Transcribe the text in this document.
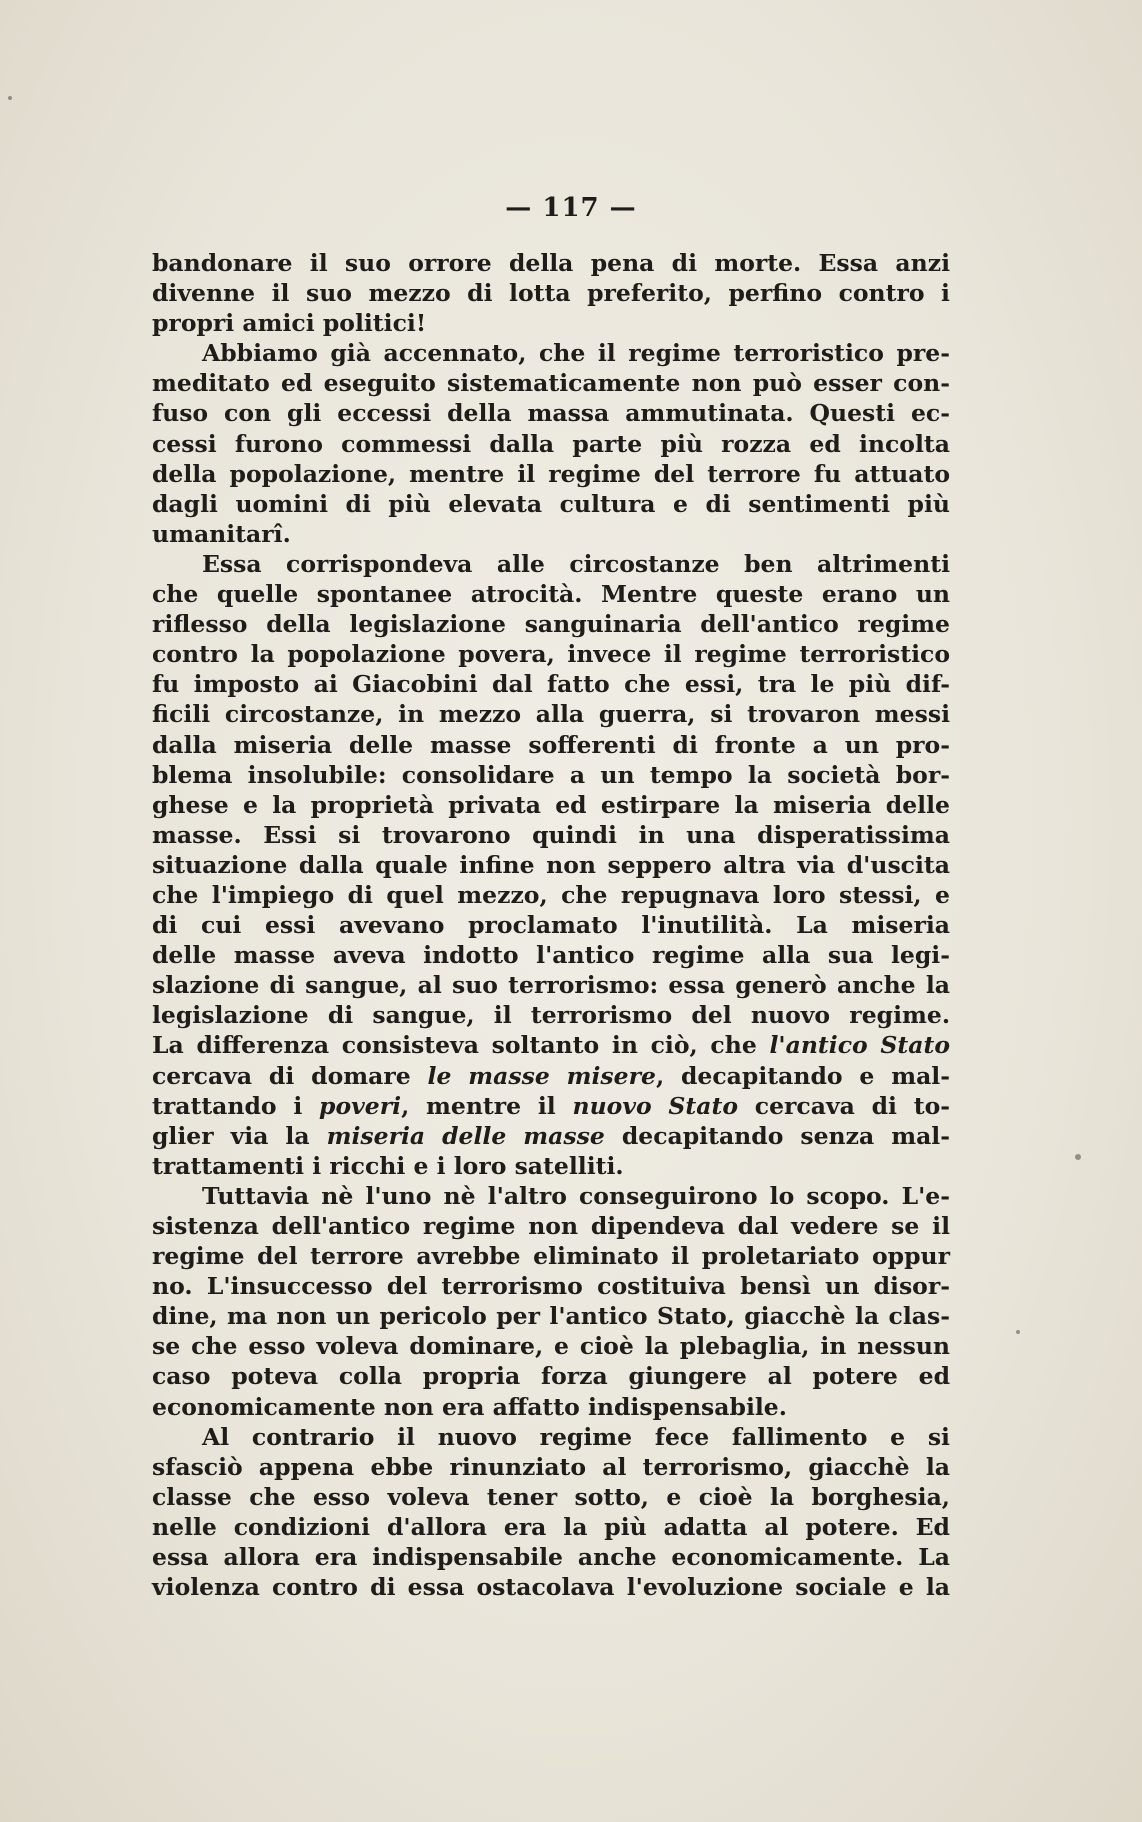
— 117 —
bandonare il suo orrore della pena di morte. Essa anzi
divenne il suo mezzo di lotta preferito, perfino contro i
propri amici politici!
Abbiamo già accennato, che il regime terroristico pre-
meditato ed eseguito sistematicamente non può esser con-
fuso con gli eccessi della massa ammutinata. Questi ec-
cessi furono commessi dalla parte più rozza ed incolta
della popolazione, mentre il regime del terrore fu attuato
dagli uomini di più elevata cultura e di sentimenti più
umanitarî.
Essa corrispondeva alle circostanze ben altrimenti
che quelle spontanee atrocità. Mentre queste erano un
riflesso della legislazione sanguinaria dell'antico regime
contro la popolazione povera, invece il regime terroristico
fu imposto ai Giacobini dal fatto che essi, tra le più dif-
ficili circostanze, in mezzo alla guerra, si trovaron messi
dalla miseria delle masse sofferenti di fronte a un pro-
blema insolubile: consolidare a un tempo la società bor-
ghese e la proprietà privata ed estirpare la miseria delle
masse. Essi si trovarono quindi in una disperatissima
situazione dalla quale infine non seppero altra via d'uscita
che l'impiego di quel mezzo, che repugnava loro stessi, e
di cui essi avevano proclamato l'inutilità. La miseria
delle masse aveva indotto l'antico regime alla sua legi-
slazione di sangue, al suo terrorismo: essa generò anche la
legislazione di sangue, il terrorismo del nuovo regime.
La differenza consisteva soltanto in ciò, che l'antico Stato
cercava di domare le masse misere, decapitando e mal-
trattando i poveri, mentre il nuovo Stato cercava di to-
glier via la miseria delle masse decapitando senza mal-
trattamenti i ricchi e i loro satelliti.
Tuttavia nè l'uno nè l'altro conseguirono lo scopo. L'e-
sistenza dell'antico regime non dipendeva dal vedere se il
regime del terrore avrebbe eliminato il proletariato oppur
no. L'insuccesso del terrorismo costituiva bensì un disor-
dine, ma non un pericolo per l'antico Stato, giacchè la clas-
se che esso voleva dominare, e cioè la plebaglia, in nessun
caso poteva colla propria forza giungere al potere ed
economicamente non era affatto indispensabile.
Al contrario il nuovo regime fece fallimento e si
sfasciò appena ebbe rinunziato al terrorismo, giacchè la
classe che esso voleva tener sotto, e cioè la borghesia,
nelle condizioni d'allora era la più adatta al potere. Ed
essa allora era indispensabile anche economicamente. La
violenza contro di essa ostacolava l'evoluzione sociale e la
